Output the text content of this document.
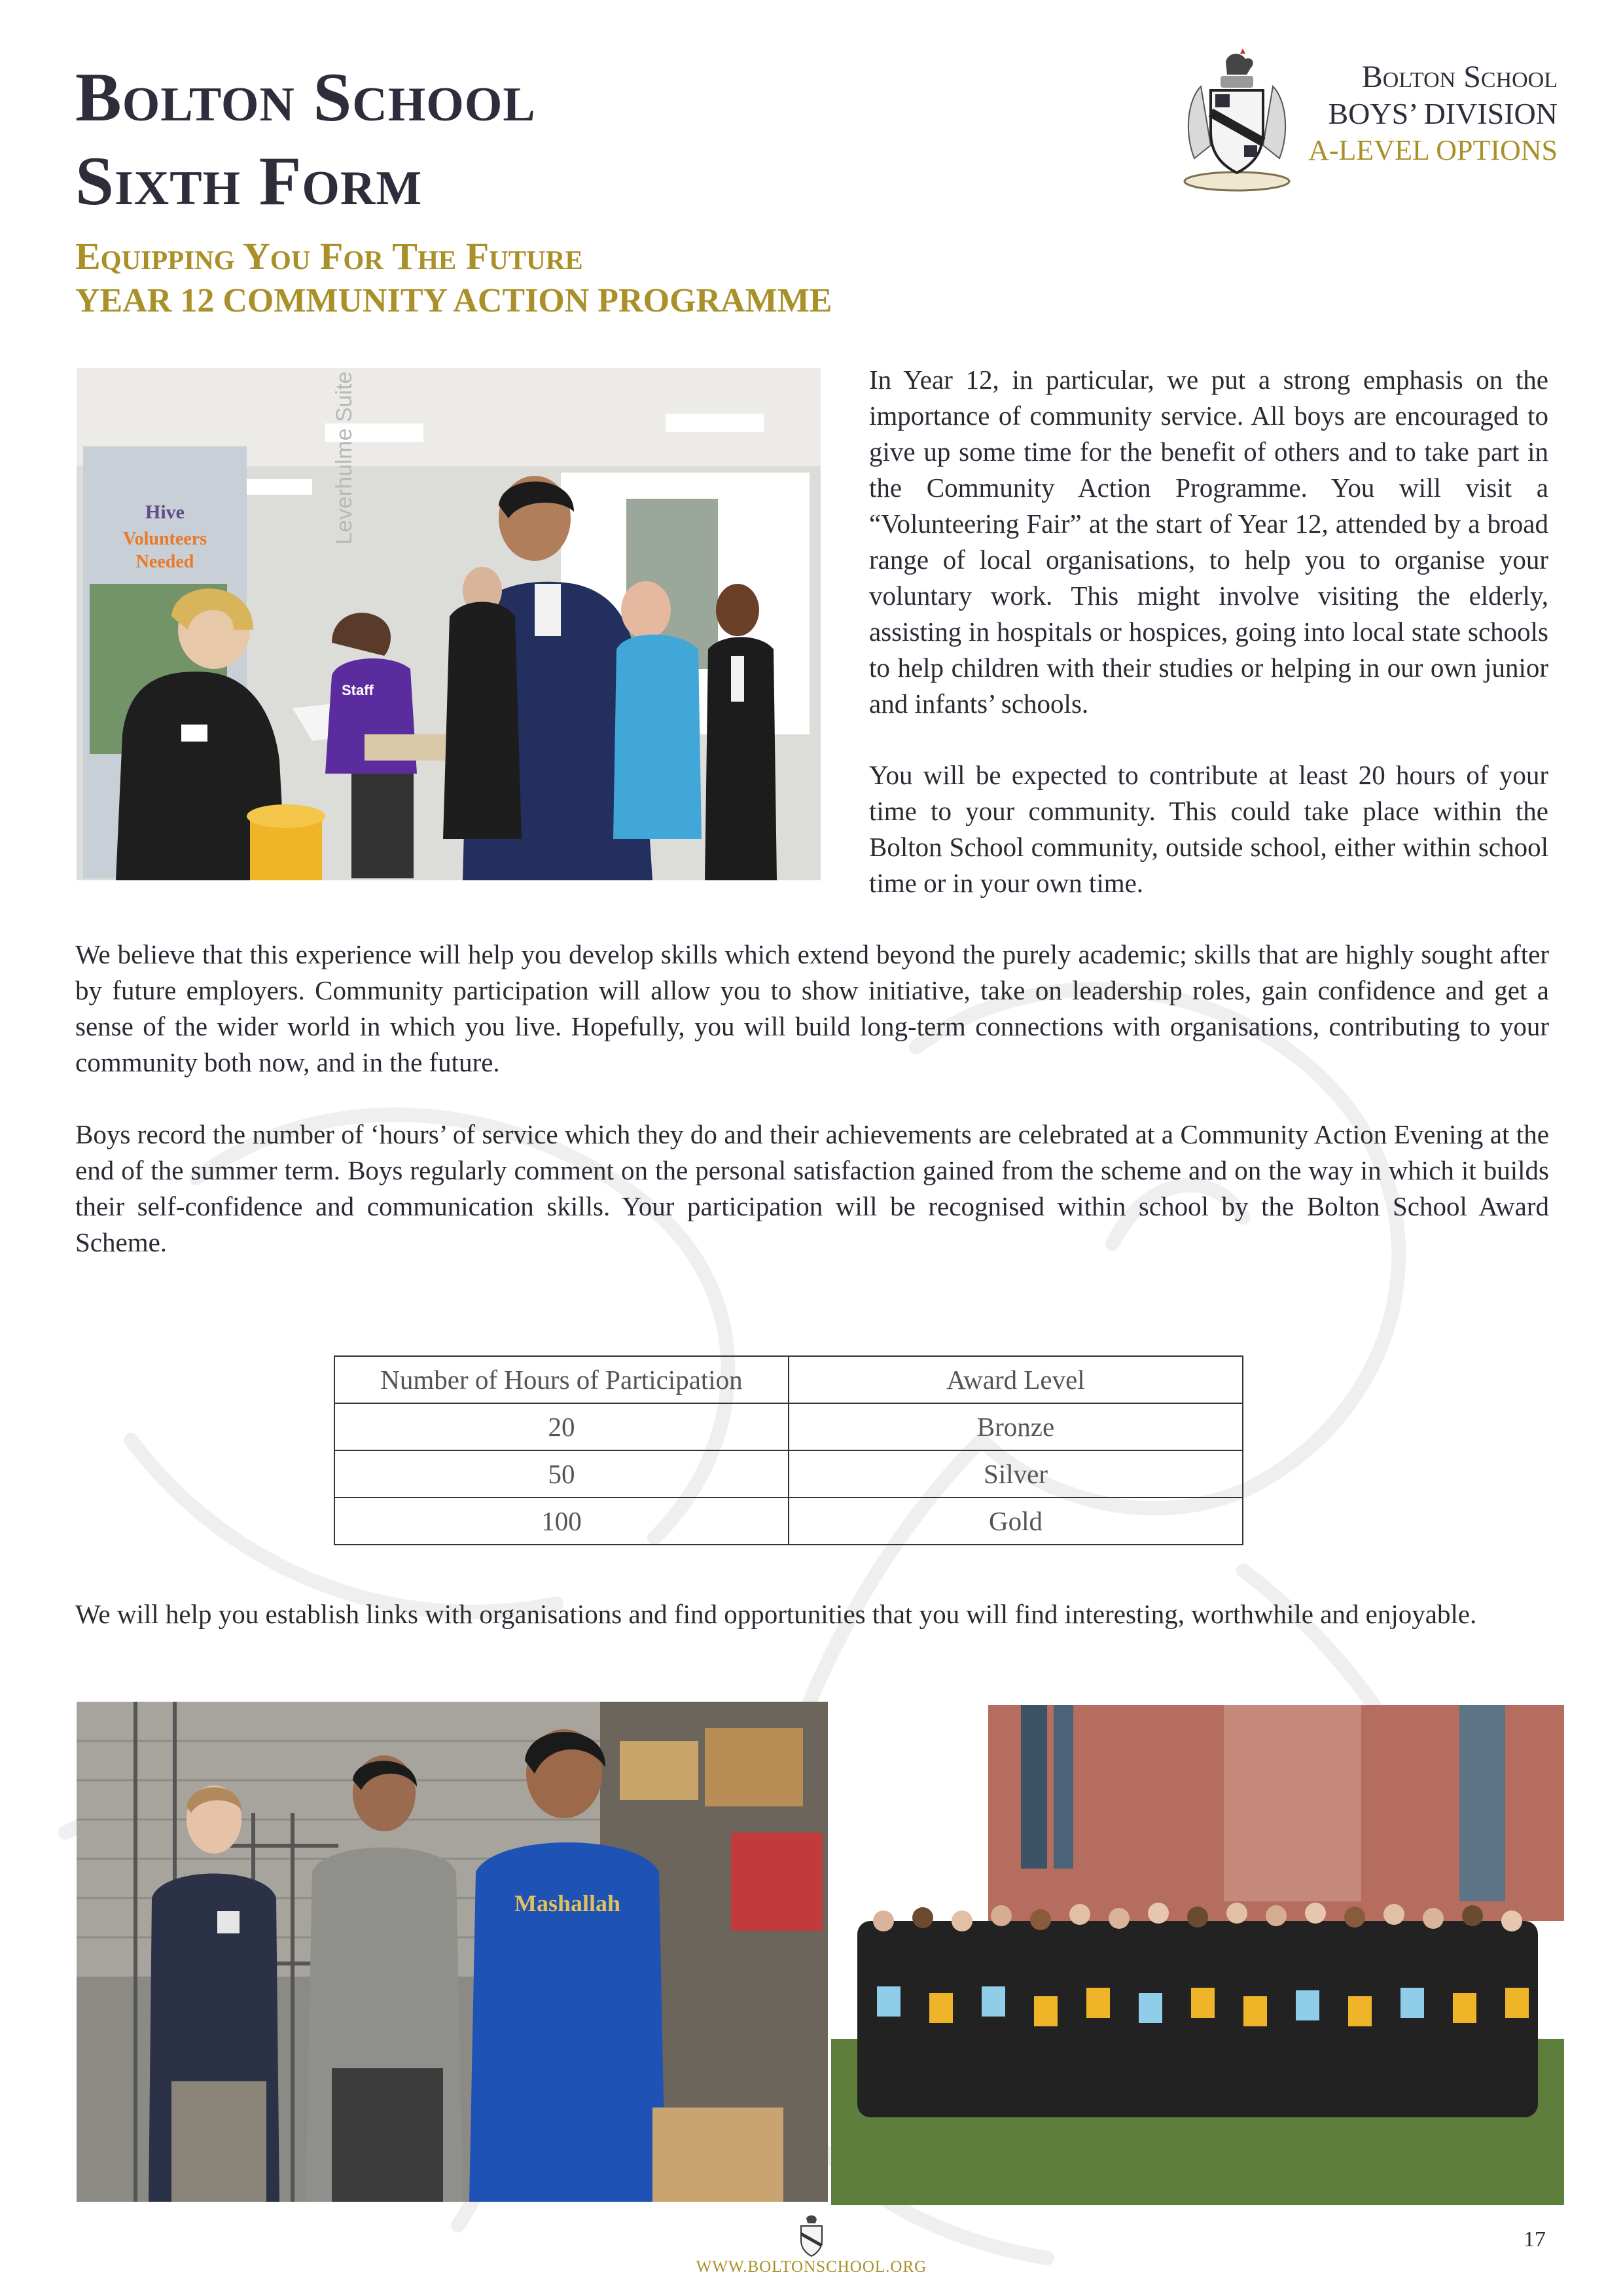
Bolton School
Sixth Form
Bolton School
BOYS’ DIVISION
A-LEVEL OPTIONS
Equipping You For The Future
YEAR 12 COMMUNITY ACTION PROGRAMME
Hive
Volunteers
Needed
Leverhulme Suite
Staff

In Year 12, in particular, we put a strong emphasis on the importance of community service. All boys are encouraged to give up some time for the benefit of others and to take part in the Community Action Programme. You will visit a “Volunteering Fair” at the start of Year 12, attended by a broad range of local organisations, to help you to organise your voluntary work. This might involve visiting the elderly, assisting in hospitals or hospices, going into local state schools to help children with their studies or helping in our own junior and infants’ schools.

You will be expected to contribute at least 20 hours of your time to your community. This could take place within the Bolton School community, outside school, either within school time or in your own time.

We believe that this experience will help you develop skills which extend beyond the purely academic; skills that are highly sought after by future employers. Community participation will allow you to show initiative, take on leadership roles, gain confidence and get a sense of the wider world in which you live. Hopefully, you will build long-term connections with organisations, contributing to your community both now, and in the future.

Boys record the number of ‘hours’ of service which they do and their achievements are celebrated at a Community Action Evening at the end of the summer term. Boys regularly comment on the personal satisfaction gained from the scheme and on the way in which it builds their self-confidence and communication skills. Your participation will be recognised within school by the Bolton School Award Scheme.

Number of Hours of Participation	Award Level
20	Bronze
50	Silver
100	Gold

We will help you establish links with organisations and find opportunities that you will find interesting, worthwhile and enjoyable.

Mashallah
WWW.BOLTONSCHOOL.ORG
17
